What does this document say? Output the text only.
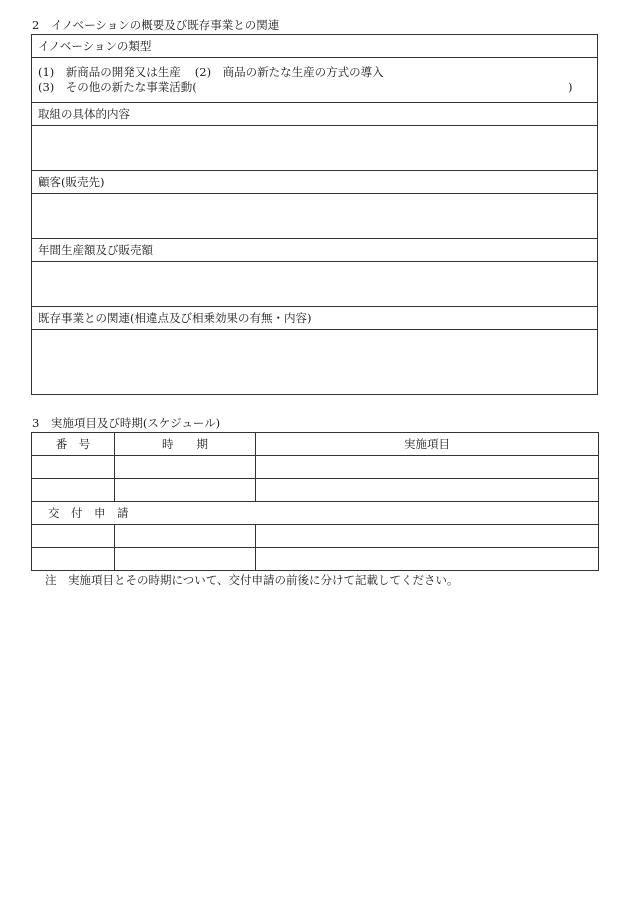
2　イノベーションの概要及び既存事業との関連
イノベーションの類型
(1)　新商品の開発又は生産 (2)　商品の新たな生産の方式の導入
(3)　その他の新たな事業活動(	)
取組の具体的内容
顧客(販売先)
年間生産額及び販売額
既存事業との関連(相違点及び相乗効果の有無・内容)
3　実施項目及び時期(スケジュール)
番　号	時　　期	実施項目

交　付　申　請		

注　実施項目とその時期について、交付申請の前後に分けて記載してください。
